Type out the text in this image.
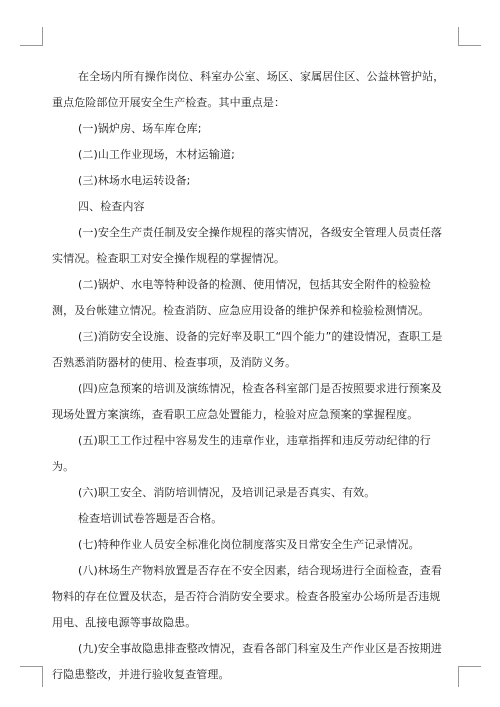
在全场内所有操作岗位、科室办公室、场区、家属居住区、公益林管护站，重点危险部位开展安全生产检查。其中重点是：

(一)锅炉房、场车库仓库;

(二)山工作业现场，木材运输道;

(三)林场水电运转设备;

四、检查内容

(一)安全生产责任制及安全操作规程的落实情况，各级安全管理人员责任落实情况。检查职工对安全操作规程的掌握情况。

(二)锅炉、水电等特种设备的检测、使用情况，包括其安全附件的检验检测，及台帐建立情况。检查消防、应急应用设备的维护保养和检验检测情况。

(三)消防安全设施、设备的完好率及职工“四个能力”的建设情况，查职工是否熟悉消防器材的使用、检查事项，及消防义务。

(四)应急预案的培训及演练情况，检查各科室部门是否按照要求进行预案及现场处置方案演练，查看职工应急处置能力，检验对应急预案的掌握程度。

(五)职工工作过程中容易发生的违章作业，违章指挥和违反劳动纪律的行为。

(六)职工安全、消防培训情况，及培训记录是否真实、有效。

检查培训试卷答题是否合格。

(七)特种作业人员安全标准化岗位制度落实及日常安全生产记录情况。

(八)林场生产物料放置是否存在不安全因素，结合现场进行全面检查，查看物料的存在位置及状态，是否符合消防安全要求。检查各股室办公场所是否违规用电、乱接电源等事故隐患。

(九)安全事故隐患排查整改情况，查看各部门科室及生产作业区是否按期进行隐患整改，并进行验收复查管理。
